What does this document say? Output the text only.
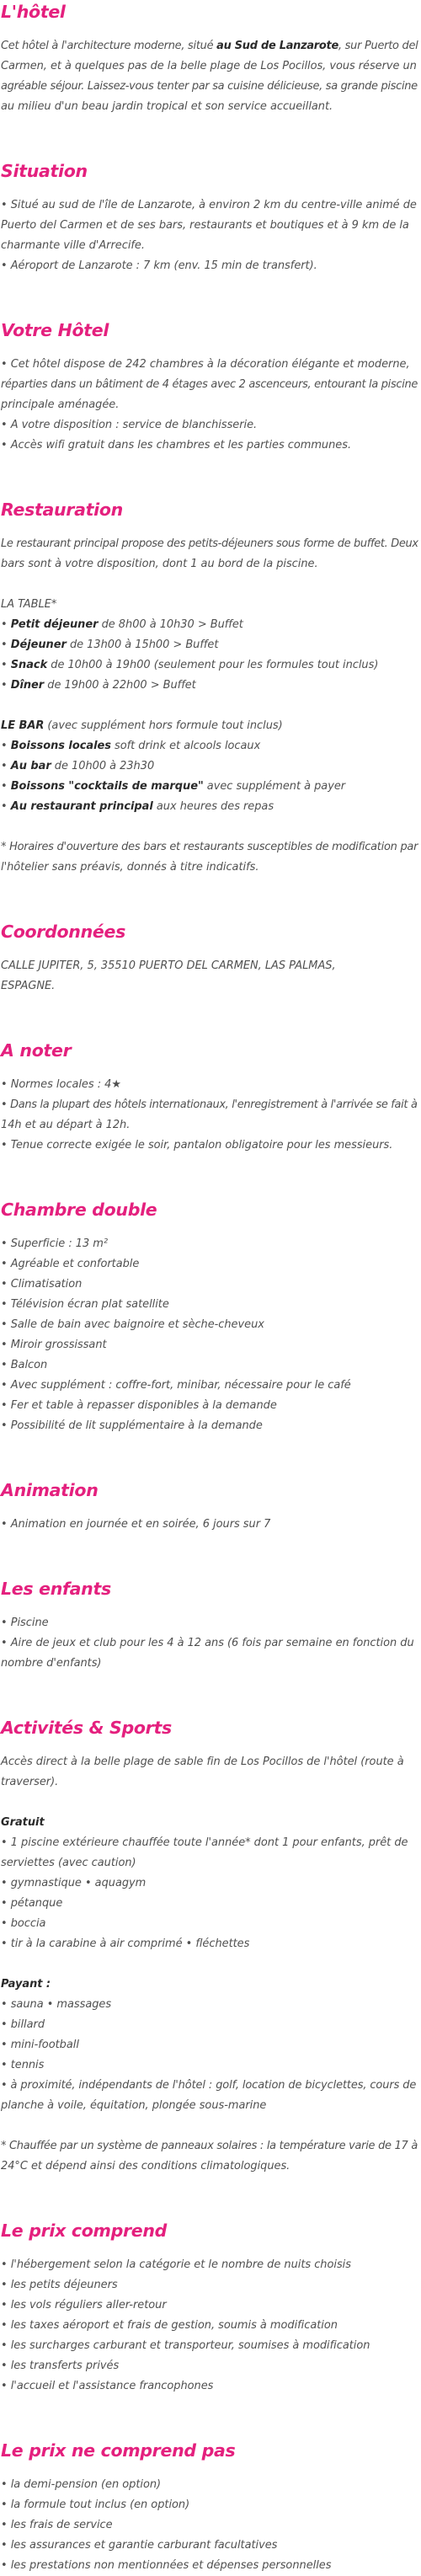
L'hôtel

Cet hôtel à l'architecture moderne, situé au Sud de Lanzarote, sur Puerto del
Carmen, et à quelques pas de la belle plage de Los Pocillos, vous réserve un
agréable séjour. Laissez-vous tenter par sa cuisine délicieuse, sa grande piscine
au milieu d'un beau jardin tropical et son service accueillant.

Situation

• Situé au sud de l'île de Lanzarote, à environ 2 km du centre-ville animé de
Puerto del Carmen et de ses bars, restaurants et boutiques et à 9 km de la
charmante ville d'Arrecife.
• Aéroport de Lanzarote : 7 km (env. 15 min de transfert).

Votre Hôtel

• Cet hôtel dispose de 242 chambres à la décoration élégante et moderne,
réparties dans un bâtiment de 4 étages avec 2 ascenceurs, entourant la piscine
principale aménagée.
• A votre disposition : service de blanchisserie.
• Accès wifi gratuit dans les chambres et les parties communes.

Restauration

Le restaurant principal propose des petits-déjeuners sous forme de buffet. Deux
bars sont à votre disposition, dont 1 au bord de la piscine.

LA TABLE*
• Petit déjeuner de 8h00 à 10h30 > Buffet
• Déjeuner de 13h00 à 15h00 > Buffet
• Snack de 10h00 à 19h00 (seulement pour les formules tout inclus)
• Dîner de 19h00 à 22h00 > Buffet

LE BAR (avec supplément hors formule tout inclus)
• Boissons locales soft drink et alcools locaux
• Au bar de 10h00 à 23h30
• Boissons "cocktails de marque" avec supplément à payer
• Au restaurant principal aux heures des repas

* Horaires d'ouverture des bars et restaurants susceptibles de modification par
l'hôtelier sans préavis, donnés à titre indicatifs.

Coordonnées

CALLE JUPITER, 5, 35510 PUERTO DEL CARMEN, LAS PALMAS,
ESPAGNE.

A noter

• Normes locales : 4★
• Dans la plupart des hôtels internationaux, l'enregistrement à l'arrivée se fait à
14h et au départ à 12h.
• Tenue correcte exigée le soir, pantalon obligatoire pour les messieurs.

Chambre double

• Superficie : 13 m²
• Agréable et confortable
• Climatisation
• Télévision écran plat satellite
• Salle de bain avec baignoire et sèche-cheveux
• Miroir grossissant
• Balcon
• Avec supplément : coffre-fort, minibar, nécessaire pour le café
• Fer et table à repasser disponibles à la demande
• Possibilité de lit supplémentaire à la demande

Animation

• Animation en journée et en soirée, 6 jours sur 7

Les enfants

• Piscine
• Aire de jeux et club pour les 4 à 12 ans (6 fois par semaine en fonction du
nombre d'enfants)

Activités & Sports

Accès direct à la belle plage de sable fin de Los Pocillos de l'hôtel (route à
traverser).

Gratuit
• 1 piscine extérieure chauffée toute l'année* dont 1 pour enfants, prêt de
serviettes (avec caution)
• gymnastique • aquagym
• pétanque
• boccia
• tir à la carabine à air comprimé • fléchettes

Payant :
• sauna • massages
• billard
• mini-football
• tennis
• à proximité, indépendants de l'hôtel : golf, location de bicyclettes, cours de
planche à voile, équitation, plongée sous-marine

* Chauffée par un système de panneaux solaires : la température varie de 17 à
24°C et dépend ainsi des conditions climatologiques.

Le prix comprend

• l'hébergement selon la catégorie et le nombre de nuits choisis
• les petits déjeuners
• les vols réguliers aller-retour
• les taxes aéroport et frais de gestion, soumis à modification
• les surcharges carburant et transporteur, soumises à modification
• les transferts privés
• l'accueil et l'assistance francophones

Le prix ne comprend pas

• la demi-pension (en option)
• la formule tout inclus (en option)
• les frais de service
• les assurances et garantie carburant facultatives
• les prestations non mentionnées et dépenses personnelles
